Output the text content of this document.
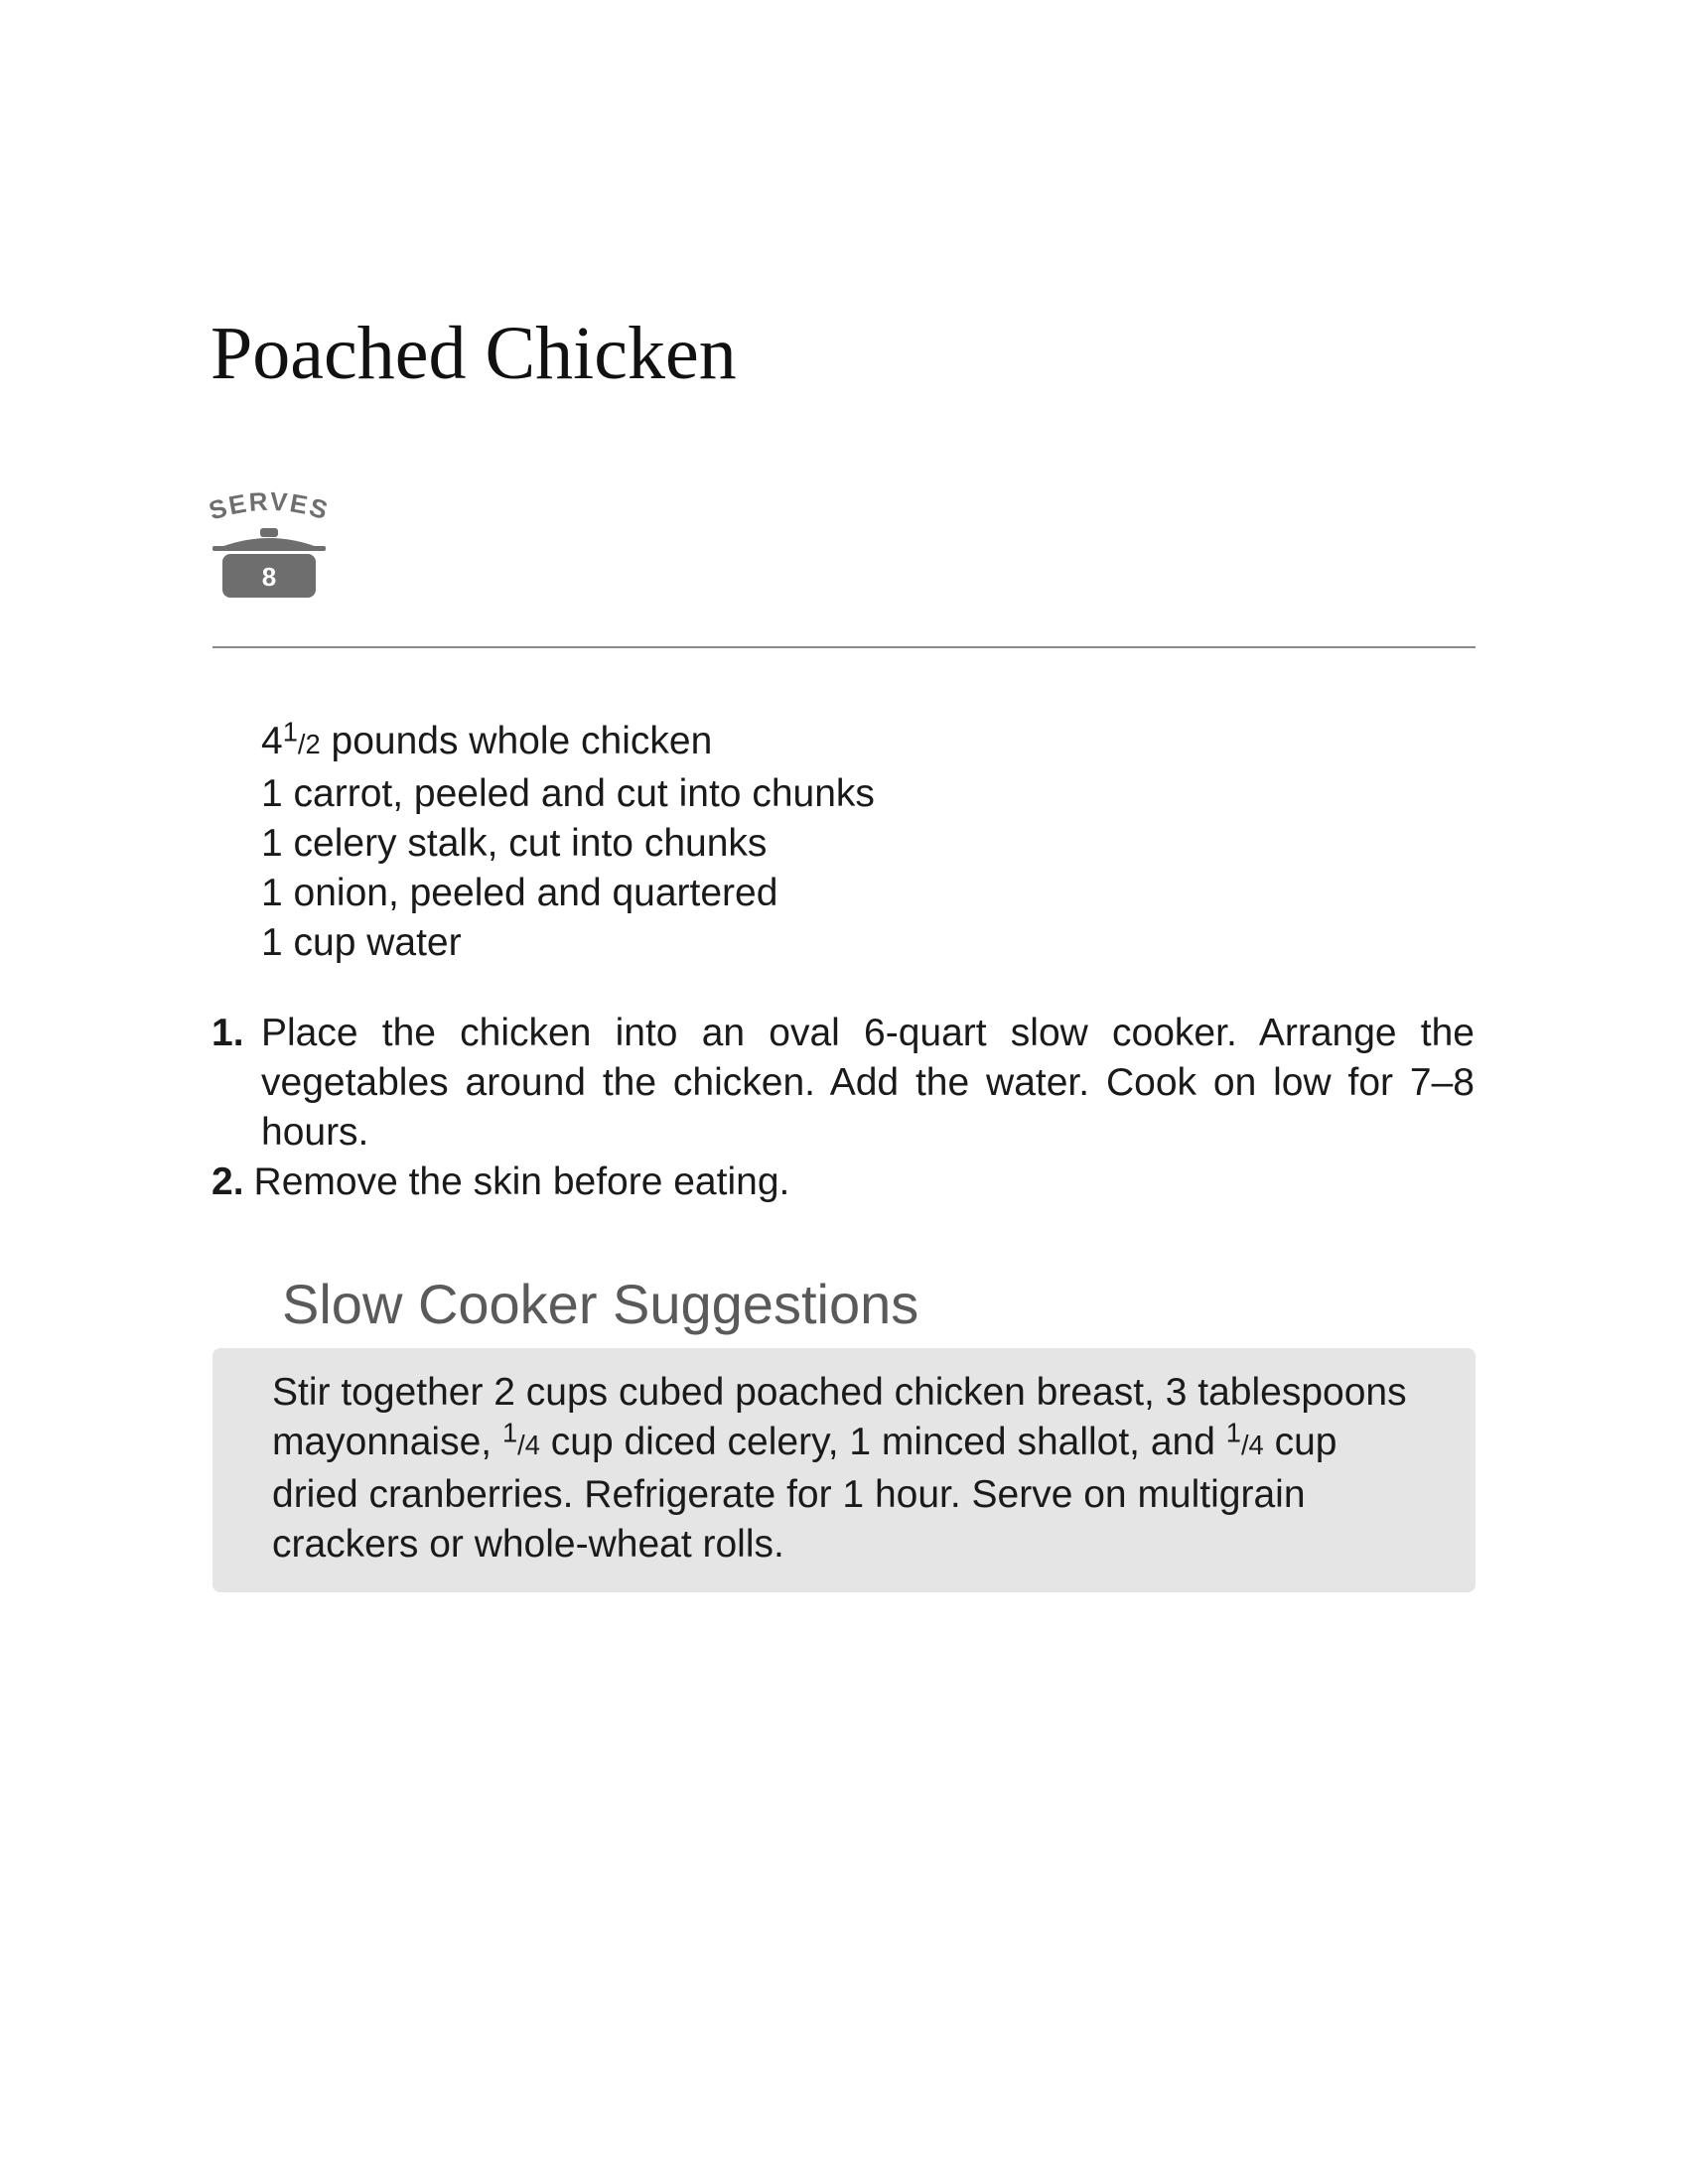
Poached Chicken
SERVES
8
$4^1/2$ pounds whole chicken
1 carrot, peeled and cut into chunks
1 celery stalk, cut into chunks
1 onion, peeled and quartered
1 cup water
1. Place the chicken into an oval 6-quart slow cooker. Arrange the vegetables around the chicken. Add the water. Cook on low for 7–8 hours.
2. Remove the skin before eating.
Slow Cooker Suggestions

Stir together 2 cups cubed poached chicken breast, 3 tablespoons mayonnaise, $^1$/4 cup diced celery, 1 minced shallot, and $^1$/4 cup dried cranberries. Refrigerate for 1 hour. Serve on multigrain crackers or whole-wheat rolls.
